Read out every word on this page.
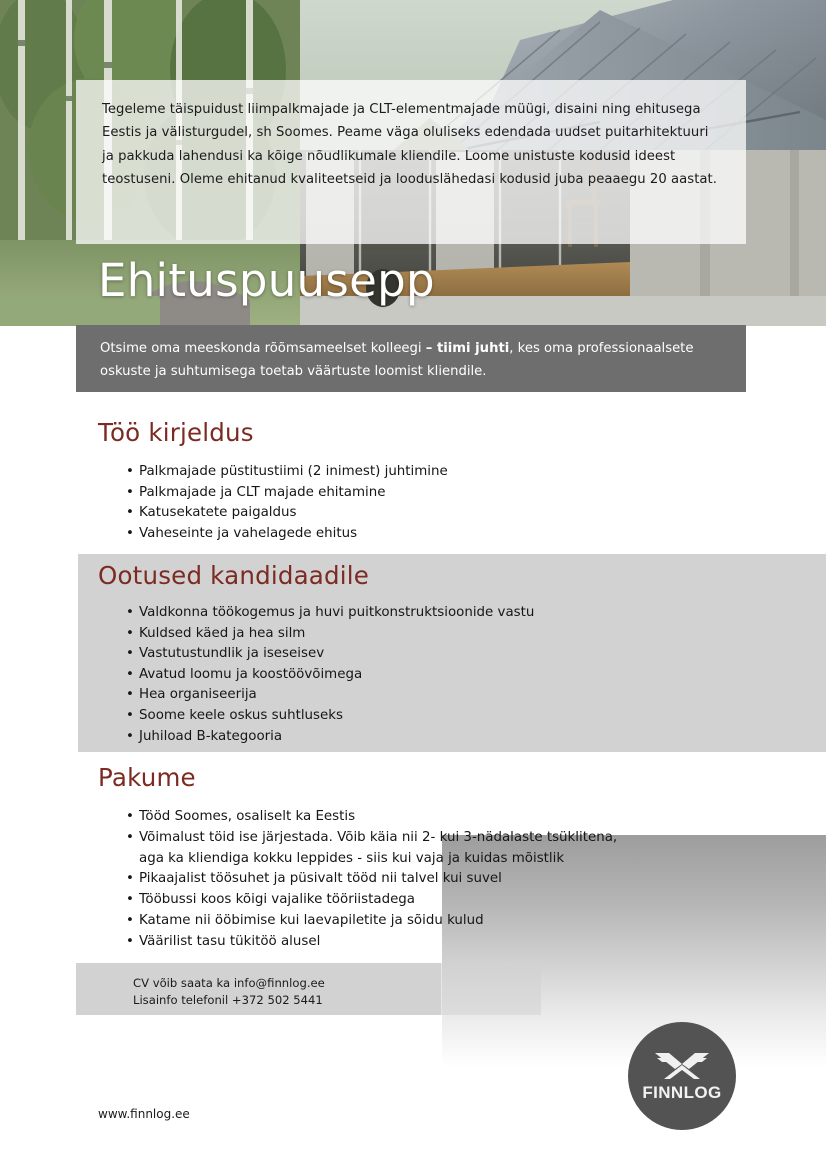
Tegeleme täispuidust liimpalkmajade ja CLT-elementmajade müügi, disaini ning ehitusega Eestis ja välisturgudel, sh Soomes. Peame väga oluliseks edendada uudset puitarhitektuuri ja pakkuda lahendusi ka kõige nõudlikumale kliendile. Loome unistuste kodusid ideest teostuseni. Oleme ehitanud kvaliteetseid ja looduslähedasi kodusid juba peaaegu 20 aastat.

Ehituspuusepp

Otsime oma meeskonda rõõmsameelset kolleegi – tiimi juhti, kes oma professionaalsete oskuste ja suhtumisega toetab väärtuste loomist kliendile.

Töö kirjeldus
• Palkmajade püstitustiimi (2 inimest) juhtimine
• Palkmajade ja CLT majade ehitamine
• Katusekatete paigaldus
• Vaheseinte ja vahelagede ehitus
Ootused kandidaadile
• Valdkonna töökogemus ja huvi puitkonstruktsioonide vastu
• Kuldsed käed ja hea silm
• Vastutustundlik ja iseseisev
• Avatud loomu ja koostöövõimega
• Hea organiseerija
• Soome keele oskus suhtluseks
• Juhiload B-kategooria
Pakume
• Tööd Soomes, osaliselt ka Eestis
• Võimalust töid ise järjestada. Võib käia nii 2- kui 3-nädalaste tsüklitena,
aga ka kliendiga kokku leppides - siis kui vaja ja kuidas mõistlik
• Pikaajalist töösuhet ja püsivalt tööd nii talvel kui suvel
• Tööbussi koos kõigi vajalike tööriistadega
• Katame nii ööbimise kui laevapiletite ja sõidu kulud
• Väärilist tasu tükitöö alusel
CV võib saata ka info@finnlog.ee
Lisainfo telefonil +372 502 5441
FINNLOG
www.finnlog.ee
